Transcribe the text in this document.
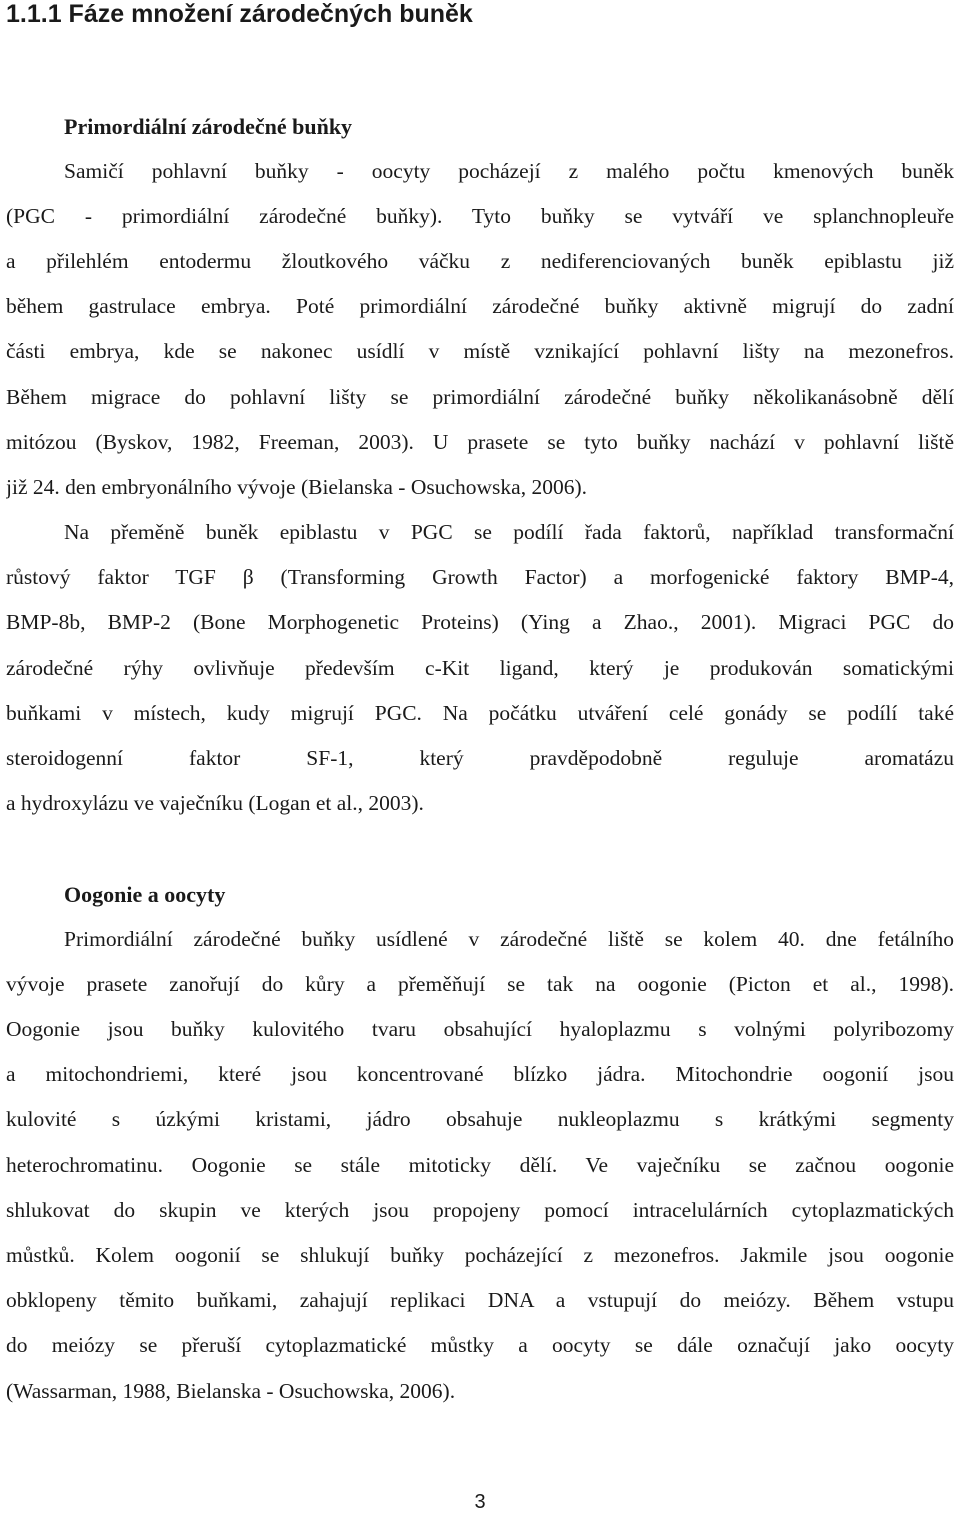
1.1.1 Fáze množení zárodečných buněk
Primordiální zárodečné buňky
Samičí pohlavní buňky - oocyty pocházejí z malého počtu kmenových buněk
(PGC - primordiální zárodečné buňky). Tyto buňky se vytváří ve splanchnopleuře
a přilehlém entodermu žloutkového váčku z nediferenciovaných buněk epiblastu již
během gastrulace embrya. Poté primordiální zárodečné buňky aktivně migrují do zadní
části embrya, kde se nakonec usídlí v místě vznikající pohlavní lišty na mezonefros.
Během migrace do pohlavní lišty se primordiální zárodečné buňky několikanásobně dělí
mitózou (Byskov, 1982, Freeman, 2003). U prasete se tyto buňky nachází v pohlavní liště
již 24. den embryonálního vývoje (Bielanska - Osuchowska, 2006).
Na přeměně buněk epiblastu v PGC se podílí řada faktorů, například transformační
růstový faktor TGF β (Transforming Growth Factor) a morfogenické faktory BMP-4,
BMP-8b, BMP-2 (Bone Morphogenetic Proteins) (Ying a Zhao., 2001). Migraci PGC do
zárodečné rýhy ovlivňuje především c-Kit ligand, který je produkován somatickými
buňkami v místech, kudy migrují PGC. Na počátku utváření celé gonády se podílí také
steroidogenní faktor SF-1, který pravděpodobně reguluje aromatázu
a hydroxylázu ve vaječníku (Logan et al., 2003).
Oogonie a oocyty
Primordiální zárodečné buňky usídlené v zárodečné liště se kolem 40. dne fetálního
vývoje prasete zanořují do kůry a přeměňují se tak na oogonie (Picton et al., 1998).
Oogonie jsou buňky kulovitého tvaru obsahující hyaloplazmu s volnými polyribozomy
a mitochondriemi, které jsou koncentrované blízko jádra. Mitochondrie oogonií jsou
kulovité s úzkými kristami, jádro obsahuje nukleoplazmu s krátkými segmenty
heterochromatinu. Oogonie se stále mitoticky dělí. Ve vaječníku se začnou oogonie
shlukovat do skupin ve kterých jsou propojeny pomocí intracelulárních cytoplazmatických
můstků. Kolem oogonií se shlukují buňky pocházející z mezonefros. Jakmile jsou oogonie
obklopeny těmito buňkami, zahajují replikaci DNA a vstupují do meiózy. Během vstupu
do meiózy se přeruší cytoplazmatické můstky a oocyty se dále označují jako oocyty
(Wassarman, 1988, Bielanska - Osuchowska, 2006).
3
